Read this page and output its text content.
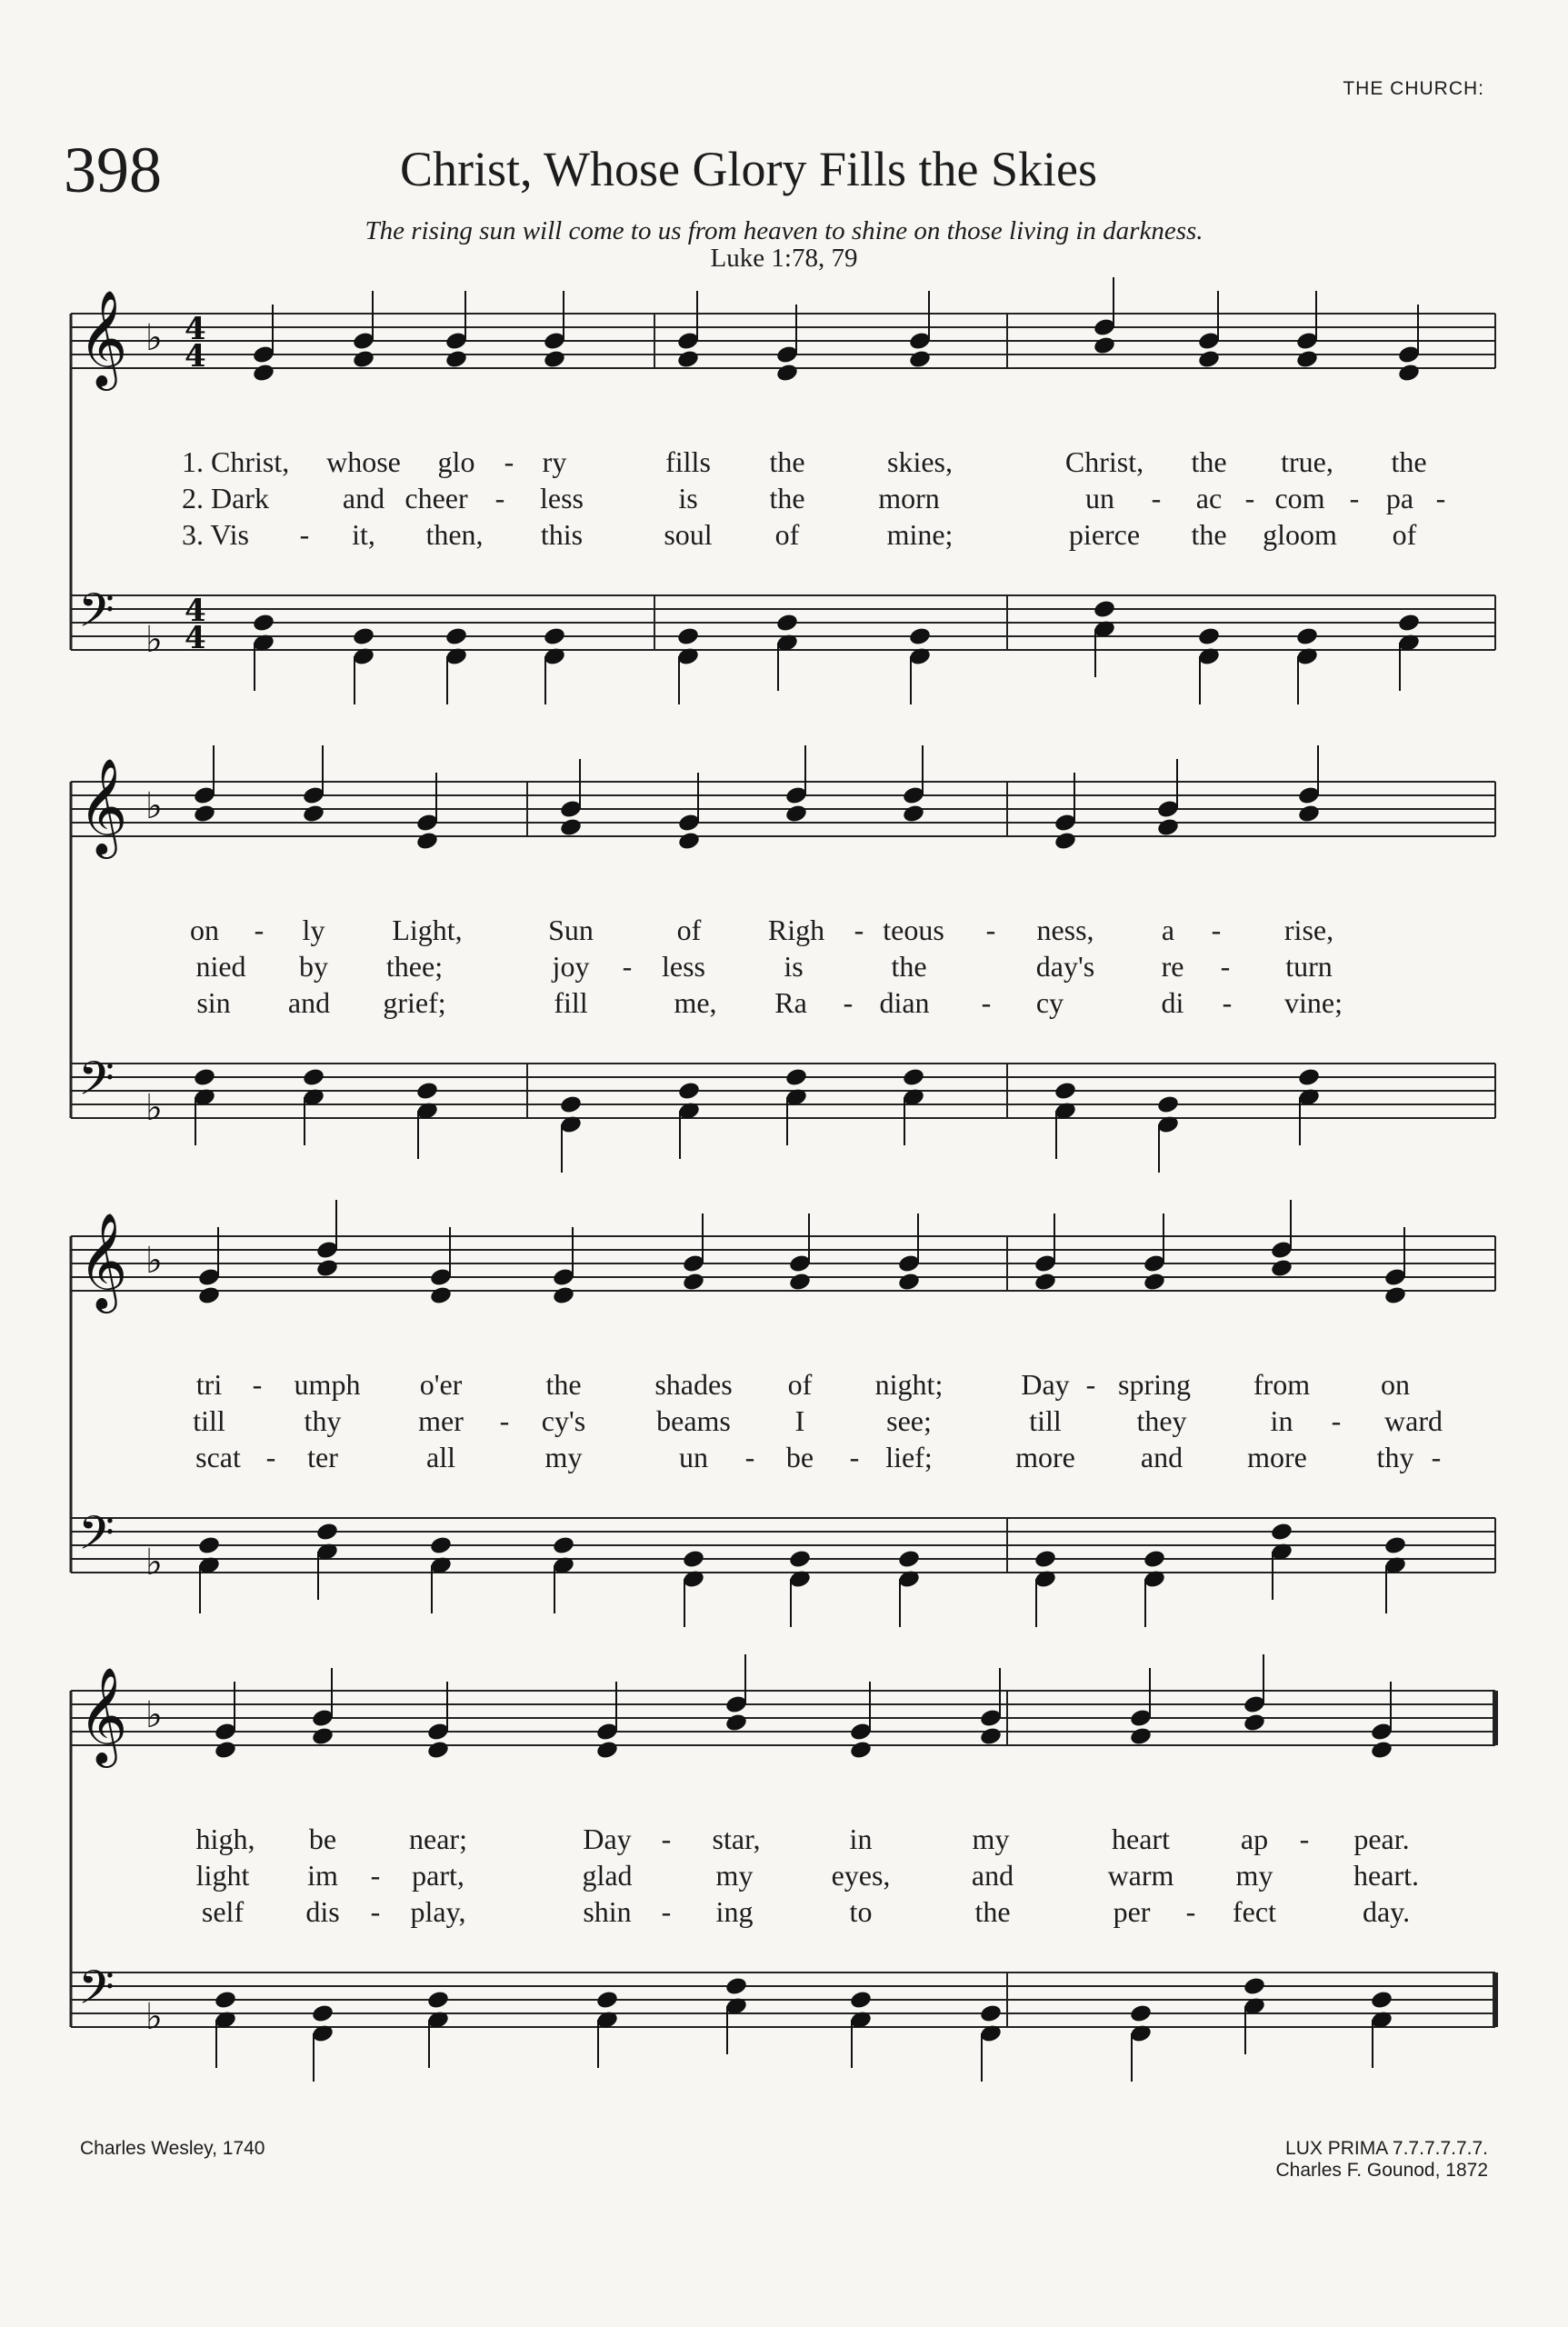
THE CHURCH:
398	Christ, Whose Glory Fills the Skies
The rising sun will come to us from heaven to shine on those living in darkness.
Luke 1:78, 79
𝄞 ♭ 4
4
𝄢 ♭
4
4
1. Christ, whose glo - ry	fills the	skies,	Christ, the true, the
2. Dark	and cheer - less	is the	morn	un - ac - com - pa -
3. Vis - it, then, this	soul of	mine;	pierce the gloom of
𝄞 ♭
𝄢 ♭
on - ly Light,	Sun	of Righ - teous - ness, a - rise,
nied by thee;	joy - less	is	the	day's re - turn
sin and grief;	fill	me, Ra - dian - cy	di - vine;
𝄞 ♭
𝄢 ♭
tri - umph o'er	the	shades of night;	Day - spring from on
till	thy	mer - cy's beams I	see;	till	they	in - ward
scat - ter	all	my	un - be - lief;	more and more thy -
𝄞 ♭
𝄢 ♭
high, be near;	Day - star,	in	my	heart ap - pear.
light im - part,	glad	my	eyes,	and	warm my	heart.
self dis - play,	shin - ing	to	the	per - fect	day.
Charles Wesley, 1740	LUX PRIMA 7.7.7.7.7.7.
Charles F. Gounod, 1872
